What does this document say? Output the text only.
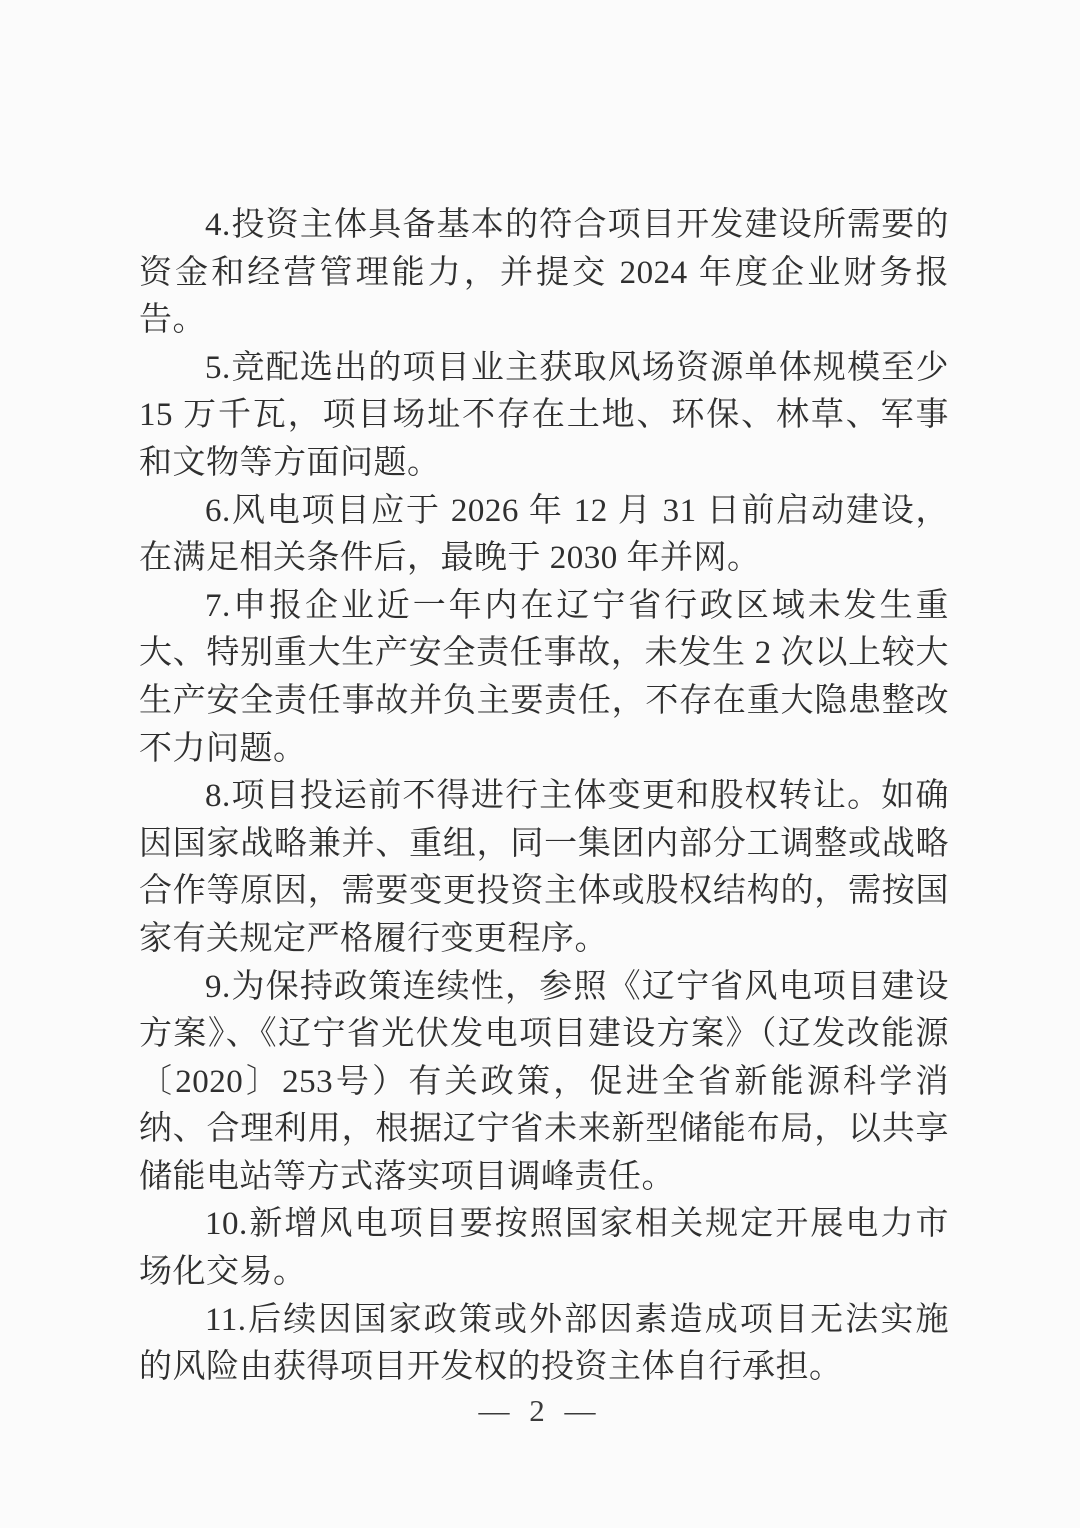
4.投资主体具备基本的符合项目开发建设所需要的资金和经营管理能力，并提交 2024 年度企业财务报告。

5.竞配选出的项目业主获取风场资源单体规模至少 15 万千瓦，项目场址不存在土地、环保、林草、军事和文物等方面问题。

6.风电项目应于 2026 年 12 月 31 日前启动建设，在满足相关条件后，最晚于 2030 年并网。

7.申报企业近一年内在辽宁省行政区域未发生重大、特别重大生产安全责任事故，未发生 2 次以上较大生产安全责任事故并负主要责任，不存在重大隐患整改不力问题。

8.项目投运前不得进行主体变更和股权转让。如确因国家战略兼并、重组，同一集团内部分工调整或战略合作等原因，需要变更投资主体或股权结构的，需按国家有关规定严格履行变更程序。

9.为保持政策连续性，参照《辽宁省风电项目建设方案》、《辽宁省光伏发电项目建设方案》（辽发改能源〔2020〕253号）有关政策，促进全省新能源科学消纳、合理利用，根据辽宁省未来新型储能布局，以共享储能电站等方式落实项目调峰责任。

10.新增风电项目要按照国家相关规定开展电力市场化交易。

11.后续因国家政策或外部因素造成项目无法实施的风险由获得项目开发权的投资主体自行承担。

— 2 —
